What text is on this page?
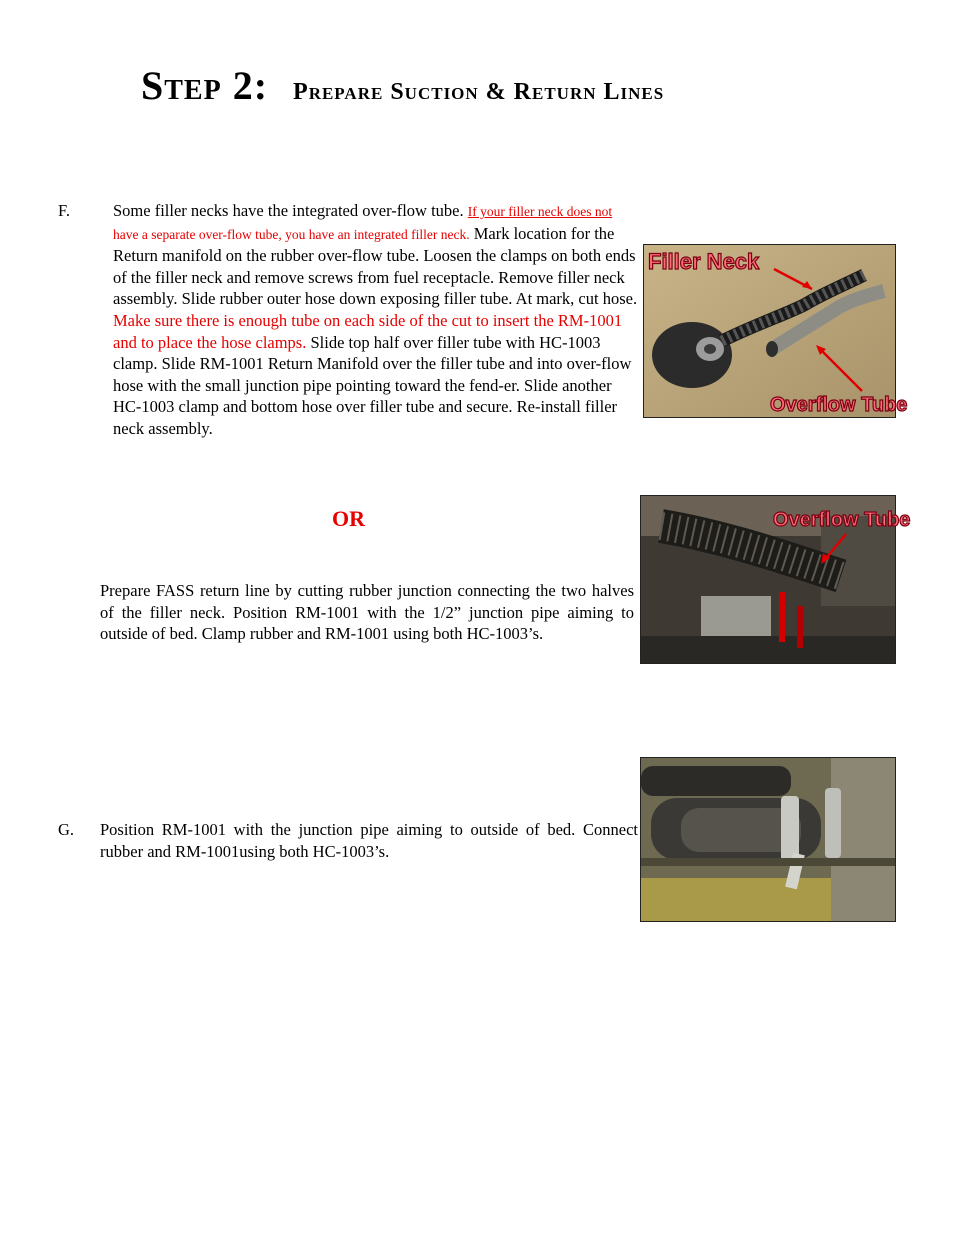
Step 2: Prepare Suction & Return Lines
F.	Some filler necks have the integrated over-flow tube. If your filler neck does not have a separate over-flow tube, you have an integrated filler neck. Mark location for the Return manifold on the rubber over-flow tube. Loosen the clamps on both ends of the filler neck and remove screws from fuel receptacle. Remove filler neck assembly. Slide rubber outer hose down exposing filler tube. At mark, cut hose. Make sure there is enough tube on each side of the cut to insert the RM-1001 and to place the hose clamps. Slide top half over filler tube with HC-1003 clamp. Slide RM-1001 Return Manifold over the filler tube and into over-flow hose with the small junction pipe pointing toward the fend-er. Slide another HC-1003 clamp and bottom hose over filler tube and secure. Re-install filler neck assembly.
Filler Neck
Overflow Tube
OR
Prepare FASS return line by cutting rubber junction connecting the two halves of the filler neck. Position RM-1001 with the 1/2” junction pipe aiming to outside of bed. Clamp rubber and RM-1001 using both HC-1003’s.
Overflow Tube
G. Position RM-1001 with the junction pipe aiming to outside of bed. Connect rubber and RM-1001using both HC-1003’s.
